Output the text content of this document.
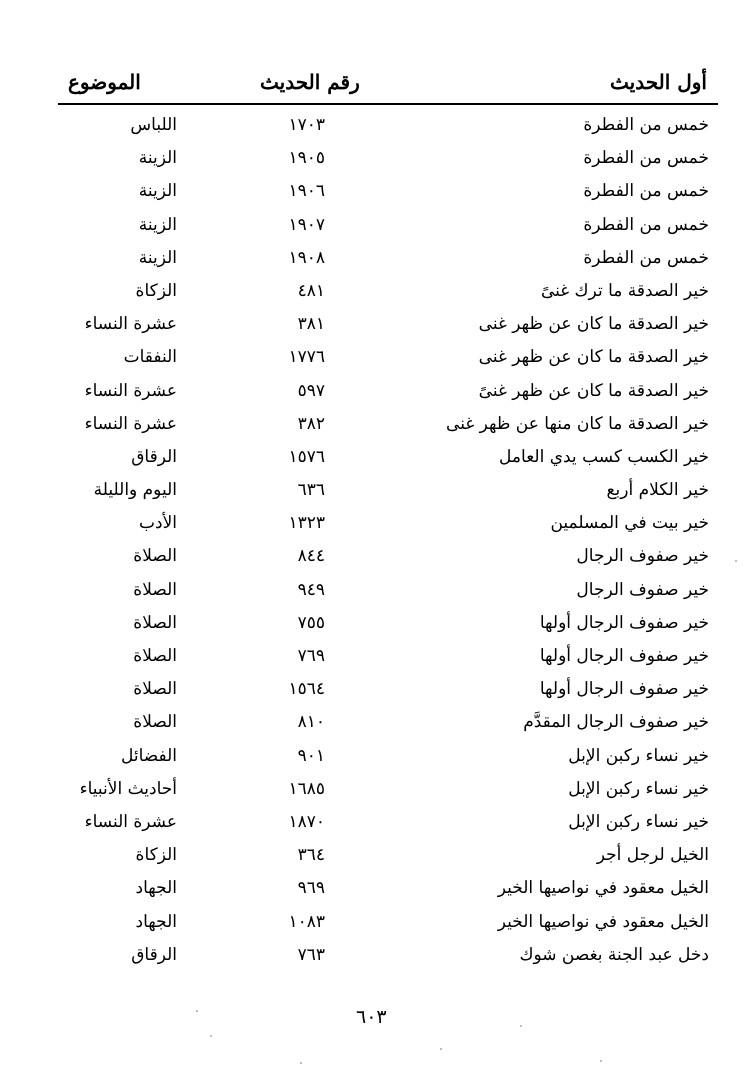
أول الحديث
رقم الحديث
الموضوع
خمس من الفطرة
١٧٠٣
اللباس
خمس من الفطرة
١٩٠٥
الزينة
خمس من الفطرة
١٩٠٦
الزينة
خمس من الفطرة
١٩٠٧
الزينة
خمس من الفطرة
١٩٠٨
الزينة
خير الصدقة ما ترك غنىً
٤٨١
الزكاة
خير الصدقة ما كان عن ظهر غنى
٣٨١
عشرة النساء
خير الصدقة ما كان عن ظهر غنى
١٧٧٦
النفقات
خير الصدقة ما كان عن ظهر غنىً
٥٩٧
عشرة النساء
خير الصدقة ما كان منها عن ظهر غنى
٣٨٢
عشرة النساء
خير الكسب كسب يدي العامل
١٥٧٦
الرقاق
خير الكلام أربع
٦٣٦
اليوم والليلة
خير بيت في المسلمين
١٣٢٣
الأدب
خير صفوف الرجال
٨٤٤
الصلاة
خير صفوف الرجال
٩٤٩
الصلاة
خير صفوف الرجال أولها
٧٥٥
الصلاة
خير صفوف الرجال أولها
٧٦٩
الصلاة
خير صفوف الرجال أولها
١٥٦٤
الصلاة
خير صفوف الرجال المقدَّم
٨١٠
الصلاة
خير نساء ركبن الإبل
٩٠١
الفضائل
خير نساء ركبن الإبل
١٦٨٥
أحاديث الأنبياء
خير نساء ركبن الإبل
١٨٧٠
عشرة النساء
الخيل لرجل أجر
٣٦٤
الزكاة
الخيل معقود في نواصيها الخير
٩٦٩
الجهاد
الخيل معقود في نواصيها الخير
١٠٨٣
الجهاد
دخل عبد الجنة بغصن شوك
٧٦٣
الرقاق
٦٠٣
